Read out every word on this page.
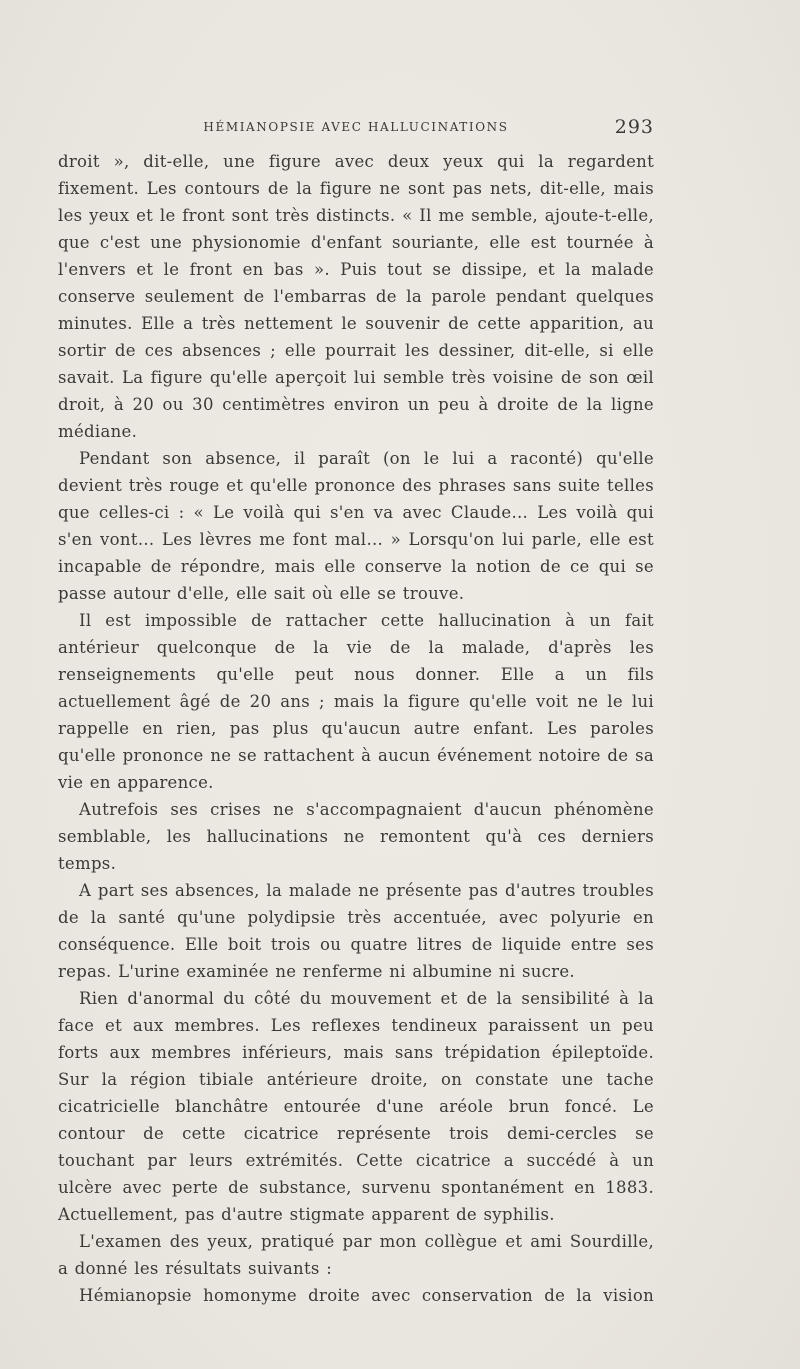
HÉMIANOPSIE AVEC HALLUCINATIONS	293

droit », dit-elle, une figure avec deux yeux qui la regardent fixement. Les contours de la figure ne sont pas nets, dit-elle, mais les yeux et le front sont très distincts. « Il me semble, ajoute-t-elle, que c'est une physionomie d'enfant souriante, elle est tournée à l'envers et le front en bas ». Puis tout se dissipe, et la malade conserve seulement de l'embarras de la parole pendant quelques minutes. Elle a très nettement le souvenir de cette apparition, au sortir de ces absences ; elle pourrait les dessiner, dit-elle, si elle savait. La figure qu'elle aperçoit lui semble très voisine de son œil droit, à 20 ou 30 centimètres environ un peu à droite de la ligne médiane.

Pendant son absence, il paraît (on le lui a raconté) qu'elle devient très rouge et qu'elle prononce des phrases sans suite telles que celles-ci : « Le voilà qui s'en va avec Claude… Les voilà qui s'en vont… Les lèvres me font mal… » Lorsqu'on lui parle, elle est incapable de répondre, mais elle conserve la notion de ce qui se passe autour d'elle, elle sait où elle se trouve.

Il est impossible de rattacher cette hallucination à un fait antérieur quelconque de la vie de la malade, d'après les renseignements qu'elle peut nous donner. Elle a un fils actuellement âgé de 20 ans ; mais la figure qu'elle voit ne le lui rappelle en rien, pas plus qu'aucun autre enfant. Les paroles qu'elle prononce ne se rattachent à aucun événement notoire de sa vie en apparence.

Autrefois ses crises ne s'accompagnaient d'aucun phénomène semblable, les hallucinations ne remontent qu'à ces derniers temps.

A part ses absences, la malade ne présente pas d'autres troubles de la santé qu'une polydipsie très accentuée, avec polyurie en conséquence. Elle boit trois ou quatre litres de liquide entre ses repas. L'urine examinée ne renferme ni albumine ni sucre.

Rien d'anormal du côté du mouvement et de la sensibilité à la face et aux membres. Les reflexes tendineux paraissent un peu forts aux membres inférieurs, mais sans trépidation épileptoïde. Sur la région tibiale antérieure droite, on constate une tache cicatricielle blanchâtre entourée d'une aréole brun foncé. Le contour de cette cicatrice représente trois demi-cercles se touchant par leurs extrémités. Cette cicatrice a succédé à un ulcère avec perte de substance, survenu spontanément en 1883. Actuellement, pas d'autre stigmate apparent de syphilis.

L'examen des yeux, pratiqué par mon collègue et ami Sourdille, a donné les résultats suivants :

Hémianopsie homonyme droite avec conservation de la vision
